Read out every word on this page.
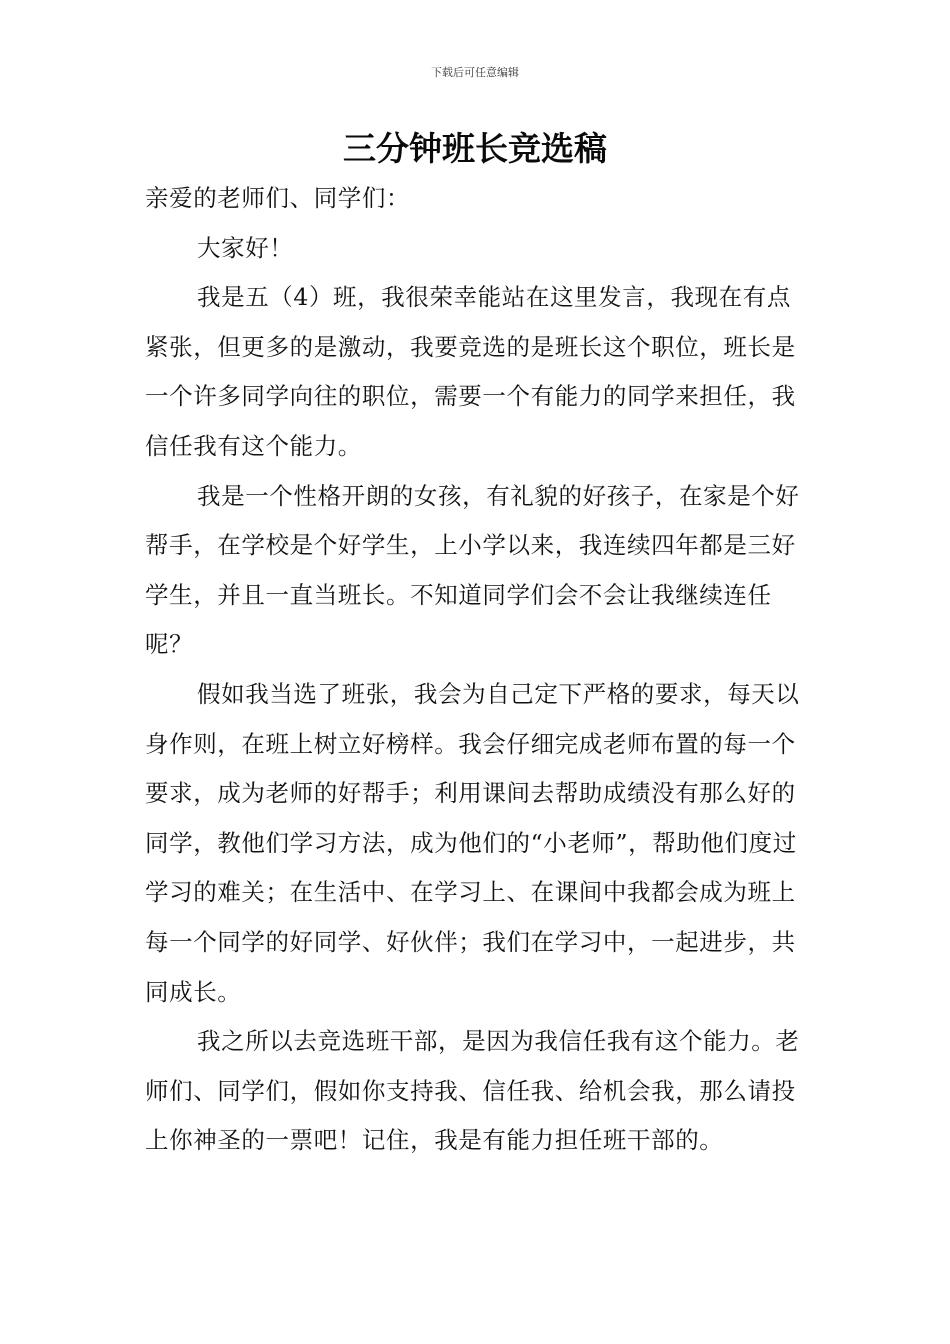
下载后可任意编辑
三分钟班长竞选稿

亲爱的老师们、同学们：

大家好！

我是五（4）班，我很荣幸能站在这里发言，我现在有点紧张，但更多的是激动，我要竞选的是班长这个职位，班长是一个许多同学向往的职位，需要一个有能力的同学来担任，我信任我有这个能力。

我是一个性格开朗的女孩，有礼貌的好孩子，在家是个好帮手，在学校是个好学生，上小学以来，我连续四年都是三好学生，并且一直当班长。不知道同学们会不会让我继续连任呢？

假如我当选了班张，我会为自己定下严格的要求，每天以身作则，在班上树立好榜样。我会仔细完成老师布置的每一个要求，成为老师的好帮手；利用课间去帮助成绩没有那么好的同学，教他们学习方法，成为他们的“小老师”，帮助他们度过学习的难关；在生活中、在学习上、在课间中我都会成为班上每一个同学的好同学、好伙伴；我们在学习中，一起进步，共同成长。

我之所以去竞选班干部，是因为我信任我有这个能力。老师们、同学们，假如你支持我、信任我、给机会我，那么请投上你神圣的一票吧！记住，我是有能力担任班干部的。
